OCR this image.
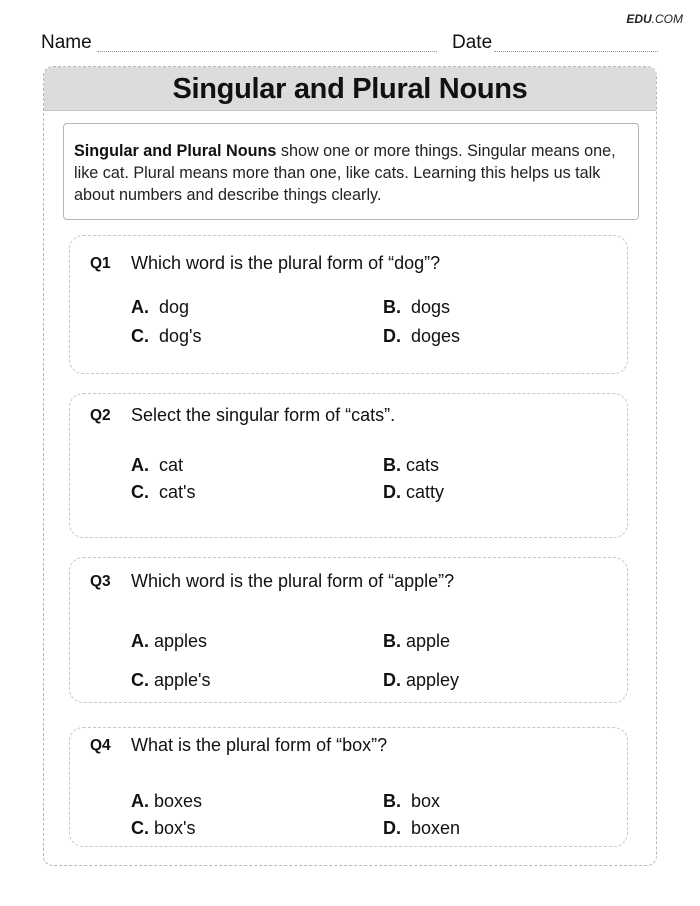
EDU.COM
Name	Date
Singular and Plural Nouns
Singular and Plural Nouns show one or more things. Singular means one, like cat. Plural means more than one, like cats. Learning this helps us talk about numbers and describe things clearly.
Q1 Which word is the plural form of “dog”?
A. dog	B. dogs
C. dog's	D. doges
Q2 Select the singular form of “cats”.
A. cat	B. cats
C. cat's	D. catty
Q3 Which word is the plural form of “apple”?
A. apples	B. apple
C. apple's	D. appley
Q4 What is the plural form of “box”?
A. boxes	B. box
C. box's	D. boxen
